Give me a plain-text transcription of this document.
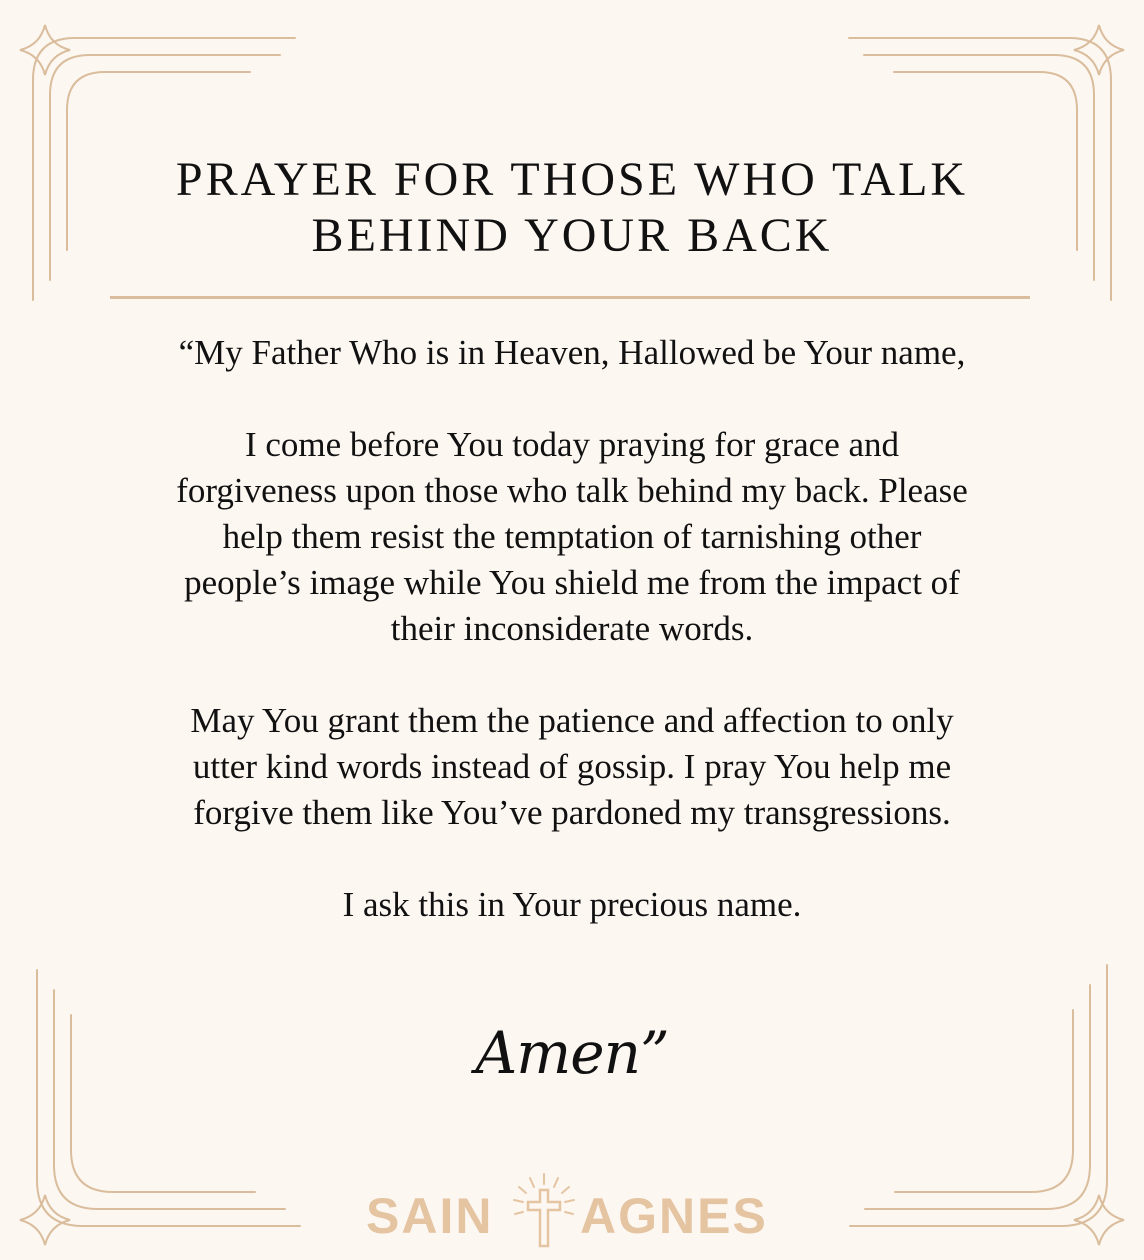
PRAYER FOR THOSE WHO TALK
BEHIND YOUR BACK

“My Father Who is in Heaven, Hallowed be Your name,

I come before You today praying for grace and
forgiveness upon those who talk behind my back. Please
help them resist the temptation of tarnishing other
people’s image while You shield me from the impact of
their inconsiderate words.

May You grant them the patience and affection to only
utter kind words instead of gossip. I pray You help me
forgive them like You’ve pardoned my transgressions.

I ask this in Your precious name.

Amen”
SAIN AGNES
